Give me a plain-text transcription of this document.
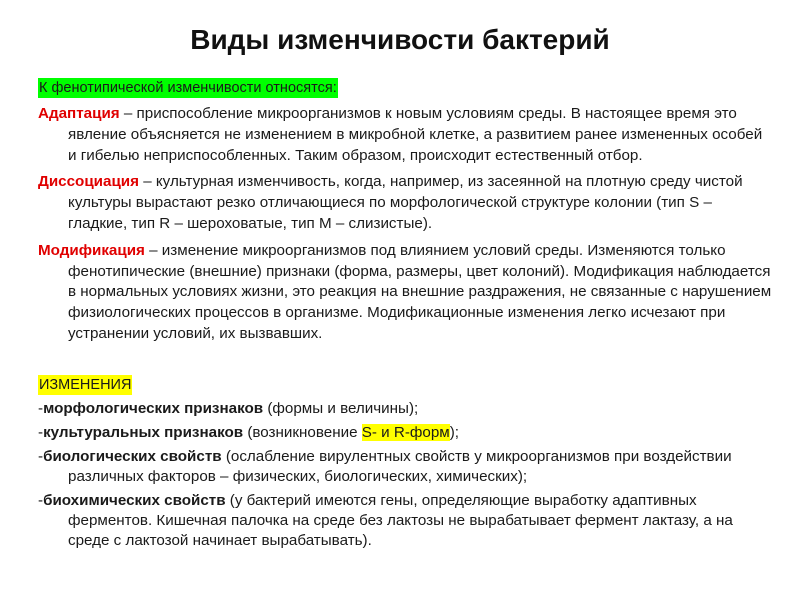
Виды изменчивости бактерий
К фенотипической изменчивости относятся:
Адаптация – приспособление микроорганизмов к новым условиям среды. В настоящее время это явление объясняется не изменением в микробной клетке, а развитием ранее измененных особей и гибелью неприспособленных. Таким образом, происходит естественный отбор.
Диссоциация – культурная изменчивость, когда, например, из засеянной на плотную среду чистой культуры вырастают резко отличающиеся по морфологической структуре колонии (тип S – гладкие, тип R – шероховатые, тип M – слизистые).
Модификация – изменение микроорганизмов под влиянием условий среды. Изменяются только фенотипические (внешние) признаки (форма, размеры, цвет колоний). Модификация наблюдается в нормальных условиях жизни, это реакция на внешние раздражения, не связанные с нарушением физиологических процессов в организме. Модификационные изменения легко исчезают при устранении условий, их вызвавших.
ИЗМЕНЕНИЯ
-морфологических признаков (формы и величины);
-культуральных признаков (возникновение S- и R-форм);
-биологических свойств (ослабление вирулентных свойств у микроорганизмов при воздействии различных факторов – физических, биологических, химических);
-биохимических свойств (у бактерий имеются гены, определяющие выработку адаптивных ферментов. Кишечная палочка на среде без лактозы не вырабатывает фермент лактазу, а на среде с лактозой начинает вырабатывать).
